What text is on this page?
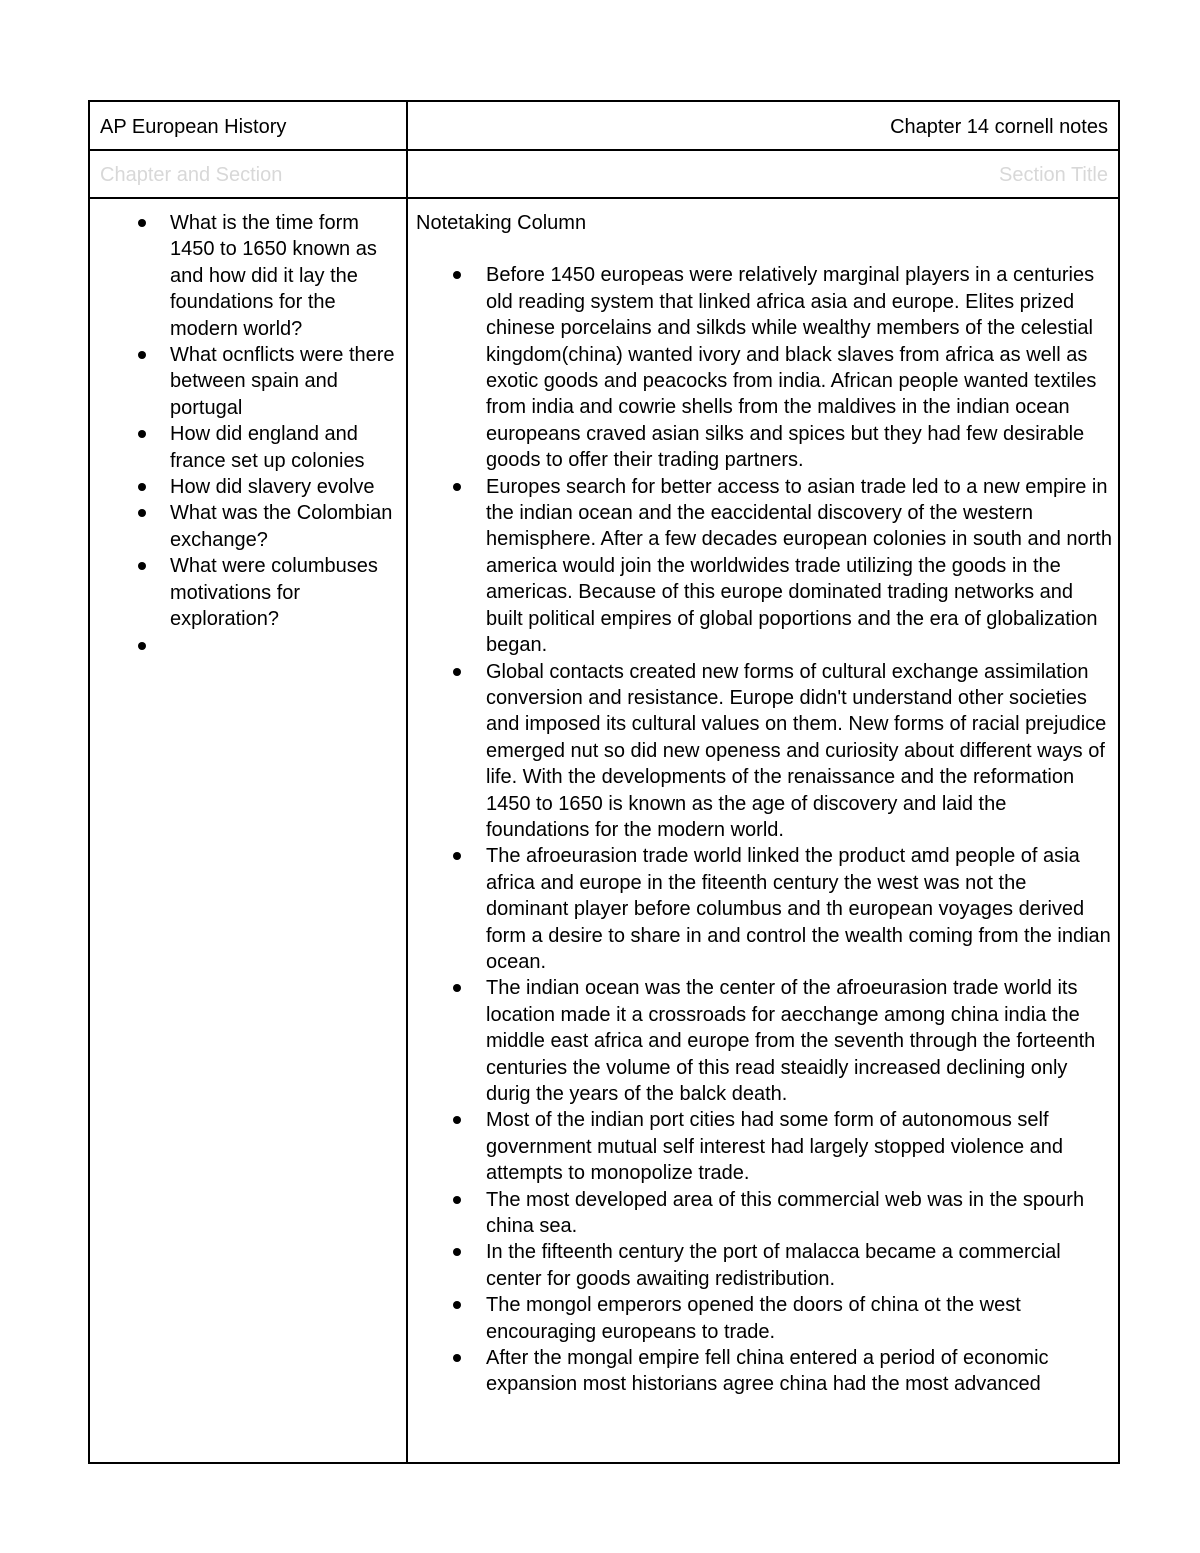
AP European History	Chapter 14 cornell notes
Chapter and Section	Section Title
What is the time form 1450 to 1650 known as and how did it lay the foundations for the modern world?
What ocnflicts were there between spain and portugal
How did england and france set up colonies
How did slavery evolve
What was the Colombian exchange?
What were columbuses motivations for exploration?
Notetaking Column
Before 1450 europeas were relatively marginal players in a centuries old reading system that linked africa asia and europe. Elites prized chinese porcelains and silkds while wealthy members of the celestial kingdom(china) wanted ivory and black slaves from africa as well as exotic goods and peacocks from india. African people wanted textiles from india and cowrie shells from the maldives in the indian ocean europeans craved asian silks and spices but they had few desirable goods to offer their trading partners.
Europes search for better access to asian trade led to a new empire in the indian ocean and the eaccidental discovery of the western hemisphere. After a few decades european colonies in south and north america would join the worldwides trade utilizing the goods in the americas. Because of this europe dominated trading networks and built political empires of global poportions and the era of globalization began.
Global contacts created new forms of cultural exchange assimilation conversion and resistance. Europe didn't understand other societies and imposed its cultural values on them. New forms of racial prejudice emerged nut so did new openess and curiosity about different ways of life. With the developments of the renaissance and the reformation 1450 to 1650 is known as the age of discovery and laid the foundations for the modern world.
The afroeurasion trade world linked the product amd people of asia africa and europe in the fiteenth century the west was not the dominant player before columbus and th european voyages derived form a desire to share in and control the wealth coming from the indian ocean.
The indian ocean was the center of the afroeurasion trade world its location made it a crossroads for aecchange among china india the middle east africa and europe from the seventh through the forteenth centuries the volume of this read steaidly increased declining only durig the years of the balck death.
Most of the indian port cities had some form of autonomous self government mutual self interest had largely stopped violence and attempts to monopolize trade.
The most developed area of this commercial web was in the spourh china sea.
In the fifteenth century the port of malacca became a commercial center for goods awaiting redistribution.
The mongol emperors opened the doors of china ot the west encouraging europeans to trade.
After the mongal empire fell china entered a period of economic expansion most historians agree china had the most advanced
